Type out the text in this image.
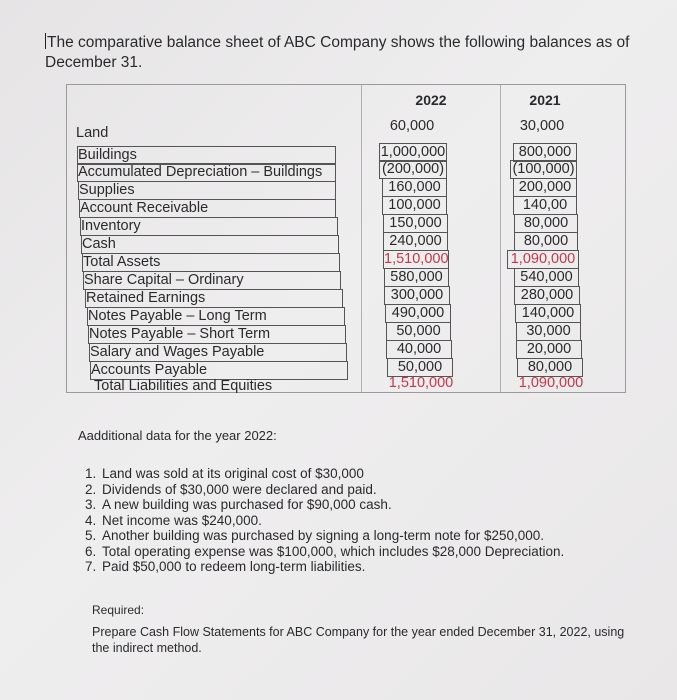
The comparative balance sheet of ABC Company shows the following balances as of December 31.
2022	2021
Land	60,000	30,000
Buildings	1,000,000	800,000
Accumulated Depreciation – Buildings	(200,000)	(100,000)
Supplies	160,000	200,000
Account Receivable	100,000	140,00
Inventory	150,000	80,000
Cash	240,000	80,000
Total Assets	1,510,000	1,090,000
Share Capital – Ordinary	580,000	540,000
Retained Earnings	300,000	280,000
Notes Payable – Long Term	490,000	140,000
Notes Payable – Short Term	50,000	30,000
Salary and Wages Payable	40,000	20,000
Accounts Payable	50,000	80,000
Total Liabilities and Equities	1,510,000	1,090,000
Aadditional data for the year 2022:
1. Land was sold at its original cost of $30,000
2. Dividends of $30,000 were declared and paid.
3. A new building was purchased for $90,000 cash.
4. Net income was $240,000.
5. Another building was purchased by signing a long-term note for $250,000.
6. Total operating expense was $100,000, which includes $28,000 Depreciation.
7. Paid $50,000 to redeem long-term liabilities.
Required:
Prepare Cash Flow Statements for ABC Company for the year ended December 31, 2022, using the indirect method.
